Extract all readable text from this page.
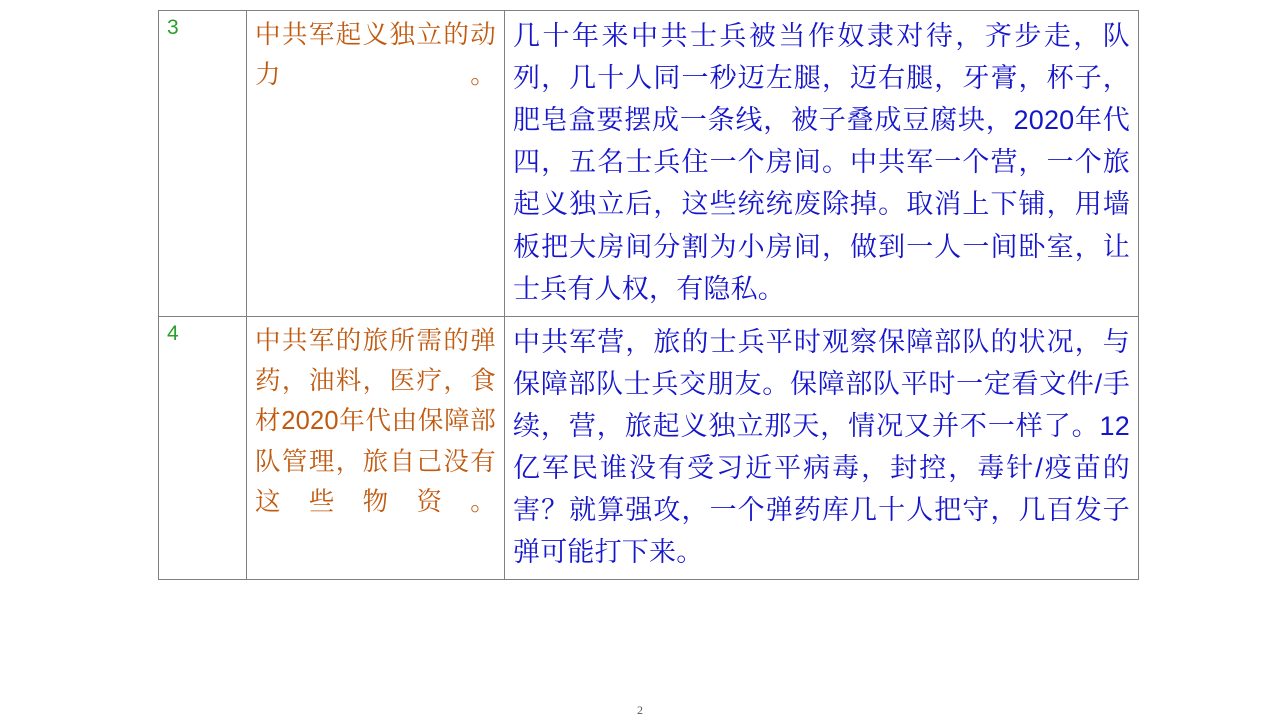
3	中共军起义独立的动力。	几十年来中共士兵被当作奴隶对待，齐步走，队列，几十人同一秒迈左腿，迈右腿，牙膏，杯子，肥皂盒要摆成一条线，被子叠成豆腐块，2020年代四，五名士兵住一个房间。中共军一个营，一个旅起义独立后，这些统统废除掉。取消上下铺，用墙板把大房间分割为小房间，做到一人一间卧室，让士兵有人权，有隐私。
4	中共军的旅所需的弹药，油料，医疗，食材2020年代由保障部队管理，旅自己没有这些物资。	中共军营，旅的士兵平时观察保障部队的状况，与保障部队士兵交朋友。保障部队平时一定看文件/手续，营，旅起义独立那天，情况又并不一样了。12亿军民谁没有受习近平病毒，封控，毒针/疫苗的害？就算强攻，一个弹药库几十人把守，几百发子弹可能打下来。
2
